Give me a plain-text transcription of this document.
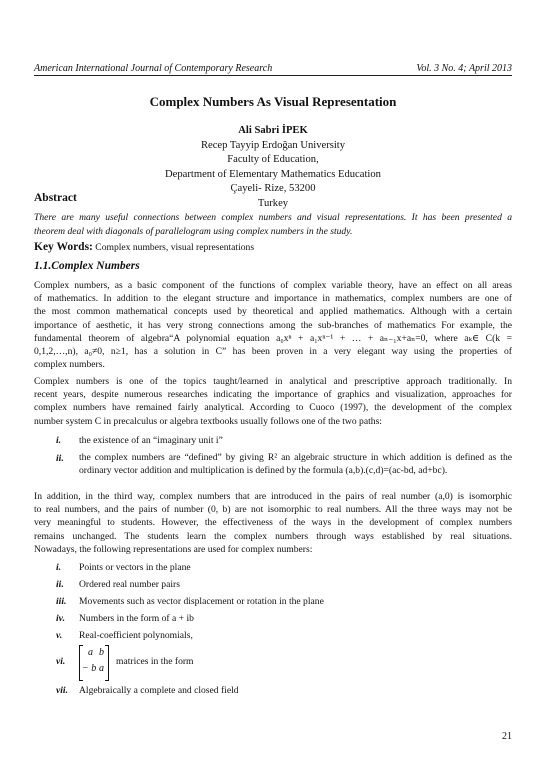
American International Journal of Contemporary Research	Vol. 3 No. 4; April 2013
Complex Numbers As Visual Representation
Ali Sabri İPEK
Recep Tayyip Erdoğan University
Faculty of Education,
Department of Elementary Mathematics Education
Çayeli- Rize, 53200
Turkey
Abstract
There are many useful connections between complex numbers and visual representations. It has been presented a
theorem deal with diagonals of parallelogram using complex numbers in the study.
Key Words: Complex numbers, visual representations
1.1.Complex Numbers
Complex numbers, as a basic component of the functions of complex variable theory, have an effect on all areas
of mathematics. In addition to the elegant structure and importance in mathematics, complex numbers are one of
the most common mathematical concepts used by theoretical and applied mathematics. Although with a certain
importance of aesthetic, it has very strong connections among the sub-branches of mathematics For example, the
fundamental theorem of algebra“A polynomial equation a₀xⁿ + a₁xⁿ⁻¹ + … + aₙ₋₁x+aₙ=0, where aₖ∈ C(k =
0,1,2,…,n), a₀≠0, n≥1, has a solution in C” has been proven in a very elegant way using the properties of
complex numbers.
Complex numbers is one of the topics taught/learned in analytical and prescriptive approach traditionally. In
recent years, despite numerous researches indicating the importance of graphics and visualization, approaches for
complex numbers have remained fairly analytical. According to Cuoco (1997), the development of the complex
number system C in precalculus or algebra textbooks usually follows one of the two paths:
i. the existence of an “imaginary unit i”
ii. the complex numbers are “defined” by giving R² an algebraic structure in which addition is defined as the
ordinary vector addition and multiplication is defined by the formula (a,b).(c,d)=(ac-bd, ad+bc).
In addition, in the third way, complex numbers that are introduced in the pairs of real number (a,0) is isomorphic
to real numbers, and the pairs of number (0, b) are not isomorphic to real numbers. All the three ways may not be
very meaningful to students. However, the effectiveness of the ways in the development of complex numbers
remains unchanged. The students learn the complex numbers through ways established by real situations.
Nowadays, the following representations are used for complex numbers:
i. Points or vectors in the plane
ii. Ordered real number pairs
iii. Movements such as vector displacement or rotation in the plane
iv. Numbers in the form of a + ib
v. Real-coefficient polynomials,
vi.
a b
− b a
matrices in the form
vii. Algebraically a complete and closed field
21
